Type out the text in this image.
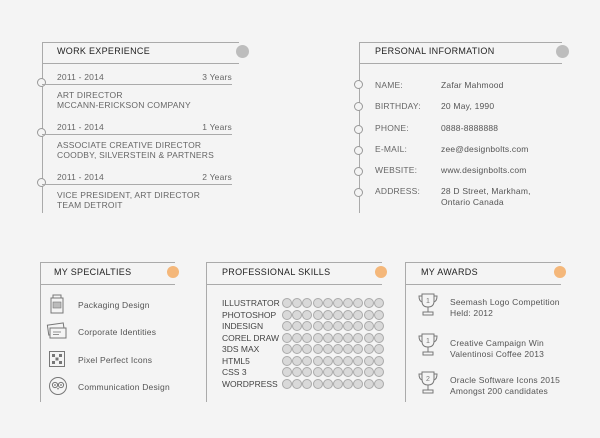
WORK EXPERIENCE
2011 - 2014	3 Years
ART DIRECTOR
MCCANN-ERICKSON COMPANY
2011 - 2014	1 Years
ASSOCIATE CREATIVE DIRECTOR
COODBY, SILVERSTEIN & PARTNERS
2011 - 2014	2 Years
VICE PRESIDENT, ART DIRECTOR
TEAM DETROIT
PERSONAL INFORMATION
NAME:	Zafar Mahmood
BIRTHDAY: 20 May, 1990
PHONE:	0888-8888888
E-MAIL:	zee@designbolts.com
WEBSITE:	www.designbolts.com
ADDRESS: 28 D Street, Markham,
Ontario Canada
MY SPECIALTIES
Packaging Design
Corporate Identities
Pixel Perfect Icons
Communication Design
PROFESSIONAL SKILLS
ILLUSTRATOR
PHOTOSHOP
INDESIGN
COREL DRAW
3DS MAX
HTML5
CSS 3
WORDPRESS
MY AWARDS
1 Seemash Logo Competition
Held: 2012
1 Creative Campaign Win
Valentinosi Coffee 2013
2 Oracle Software Icons 2015
Amongst 200 candidates
